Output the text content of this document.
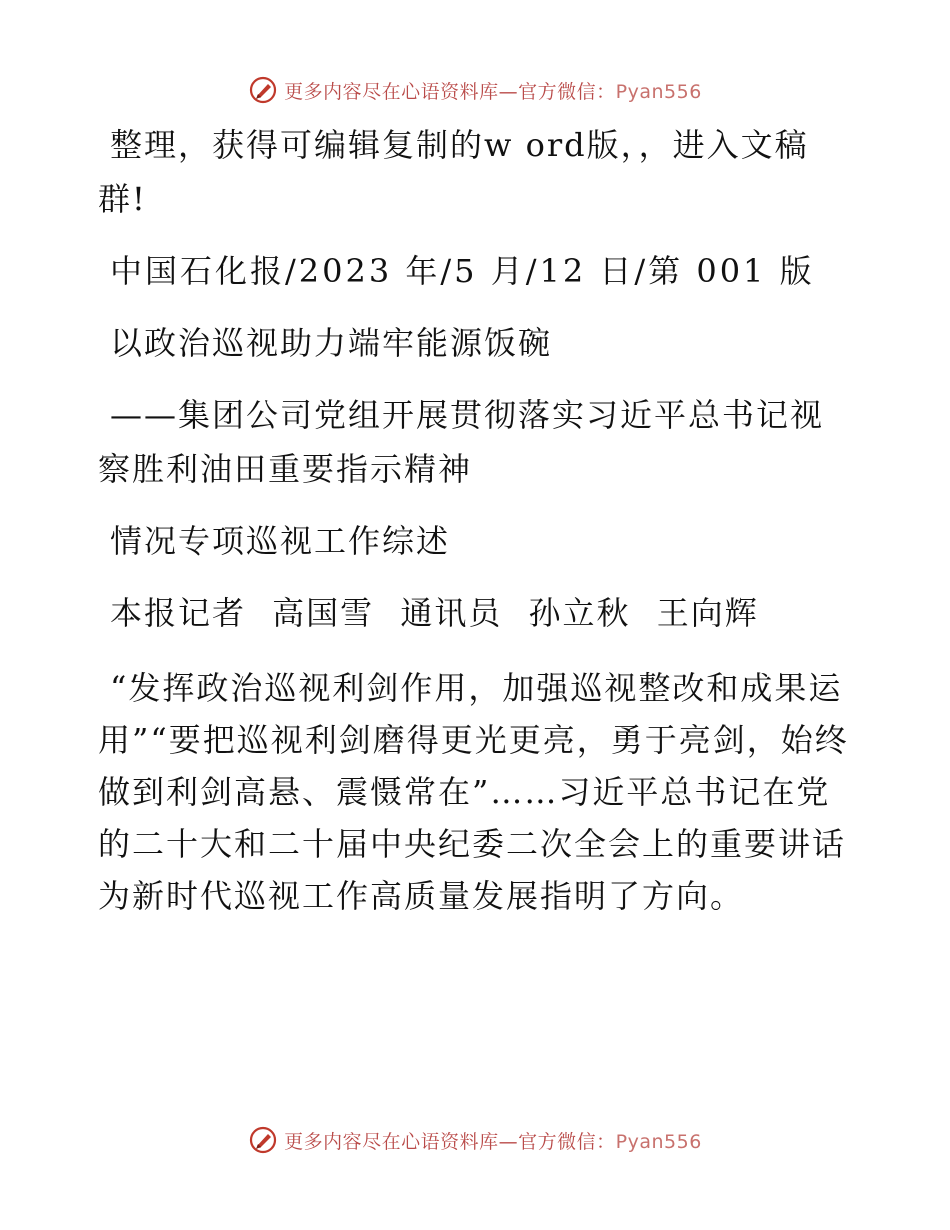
更多内容尽在心语资料库—官方微信：Pyan556

整理，获得可编辑复制的w ord版，，进入文稿群!

中国石化报/2023 年/5 月/12 日/第 001 版

以政治巡视助力端牢能源饭碗

——集团公司党组开展贯彻落实习近平总书记视察胜利油田重要指示精神

情况专项巡视工作综述

本报记者 高国雪 通讯员 孙立秋 王向辉

“发挥政治巡视利剑作用，加强巡视整改和成果运用”“要把巡视利剑磨得更光更亮，勇于亮剑，始终做到利剑高悬、震慑常在”……习近平总书记在党的二十大和二十届中央纪委二次全会上的重要讲话为新时代巡视工作高质量发展指明了方向。

更多内容尽在心语资料库—官方微信：Pyan556
